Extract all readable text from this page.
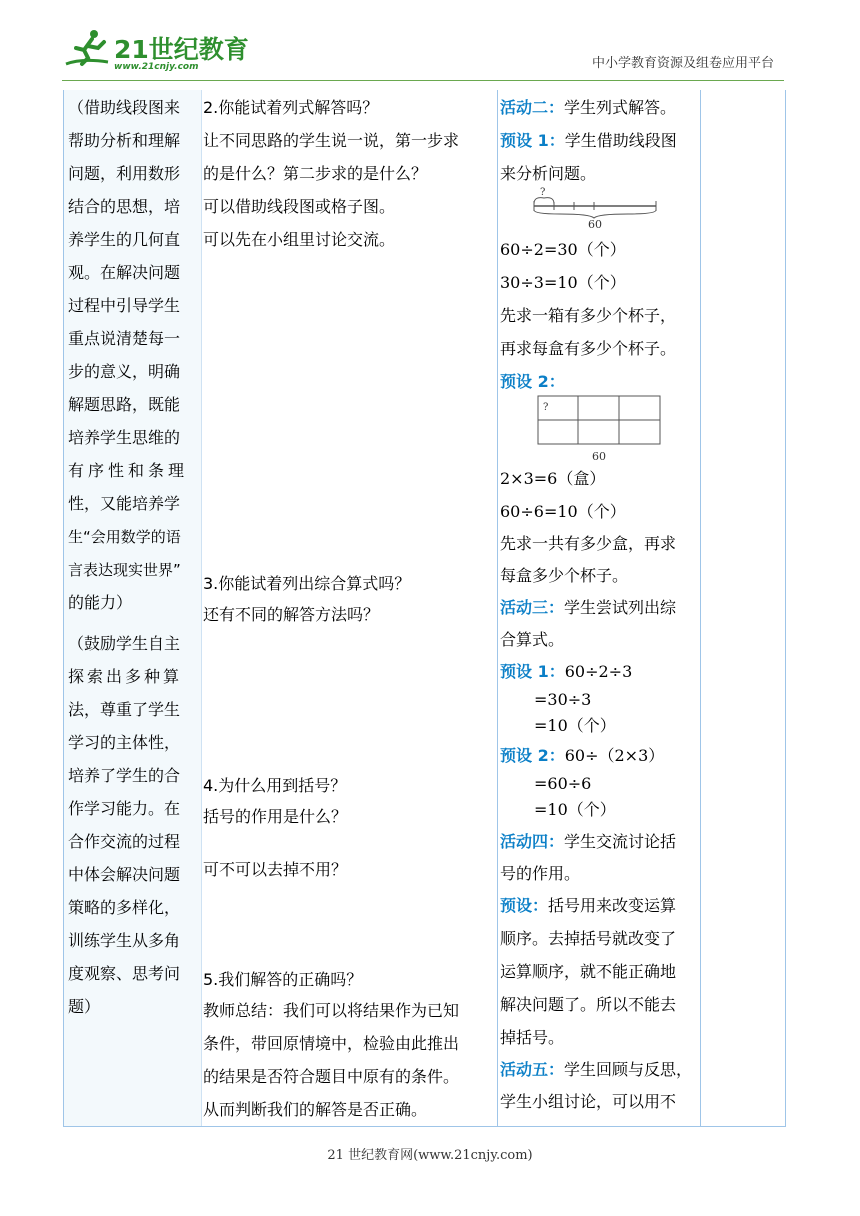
21世纪教育
www.21cnjy.com	中小学教育资源及组卷应用平台
（借助线段图来
帮助分析和理解
问题，利用数形
结合的思想，培
养学生的几何直
观。在解决问题
过程中引导学生
重点说清楚每一
步的意义，明确
解题思路，既能
培养学生思维的
有序性和条理
性，又能培养学
生“会用数学的语
言表达现实世界”
的能力）
（鼓励学生自主
探索出多种算
法，尊重了学生
学习的主体性，
培养了学生的合
作学习能力。在
合作交流的过程
中体会解决问题
策略的多样化，
训练学生从多角
度观察、思考问
题）
2.你能试着列式解答吗？
让不同思路的学生说一说，第一步求
的是什么？第二步求的是什么？
可以借助线段图或格子图。
可以先在小组里讨论交流。
3.你能试着列出综合算式吗？
还有不同的解答方法吗？
4.为什么用到括号？
括号的作用是什么？
可不可以去掉不用？
5.我们解答的正确吗？
教师总结：我们可以将结果作为已知
条件，带回原情境中，检验由此推出
的结果是否符合题目中原有的条件。
从而判断我们的解答是否正确。
活动二：学生列式解答。
预设 1：学生借助线段图
来分析问题。
?
60
60÷2=30（个）
30÷3=10（个）
先求一箱有多少个杯子，
再求每盒有多少个杯子。
预设 2：
?
60
2×3=6（盒）
60÷6=10（个）
先求一共有多少盒，再求
每盒多少个杯子。
活动三：学生尝试列出综
合算式。
预设 1：60÷2÷3
=30÷3
=10（个）
预设 2：60÷（2×3）
=60÷6
=10（个）
活动四：学生交流讨论括
号的作用。
预设：括号用来改变运算
顺序。去掉括号就改变了
运算顺序，就不能正确地
解决问题了。所以不能去
掉括号。
活动五：学生回顾与反思，
学生小组讨论，可以用不
21 世纪教育网(www.21cnjy.com)
